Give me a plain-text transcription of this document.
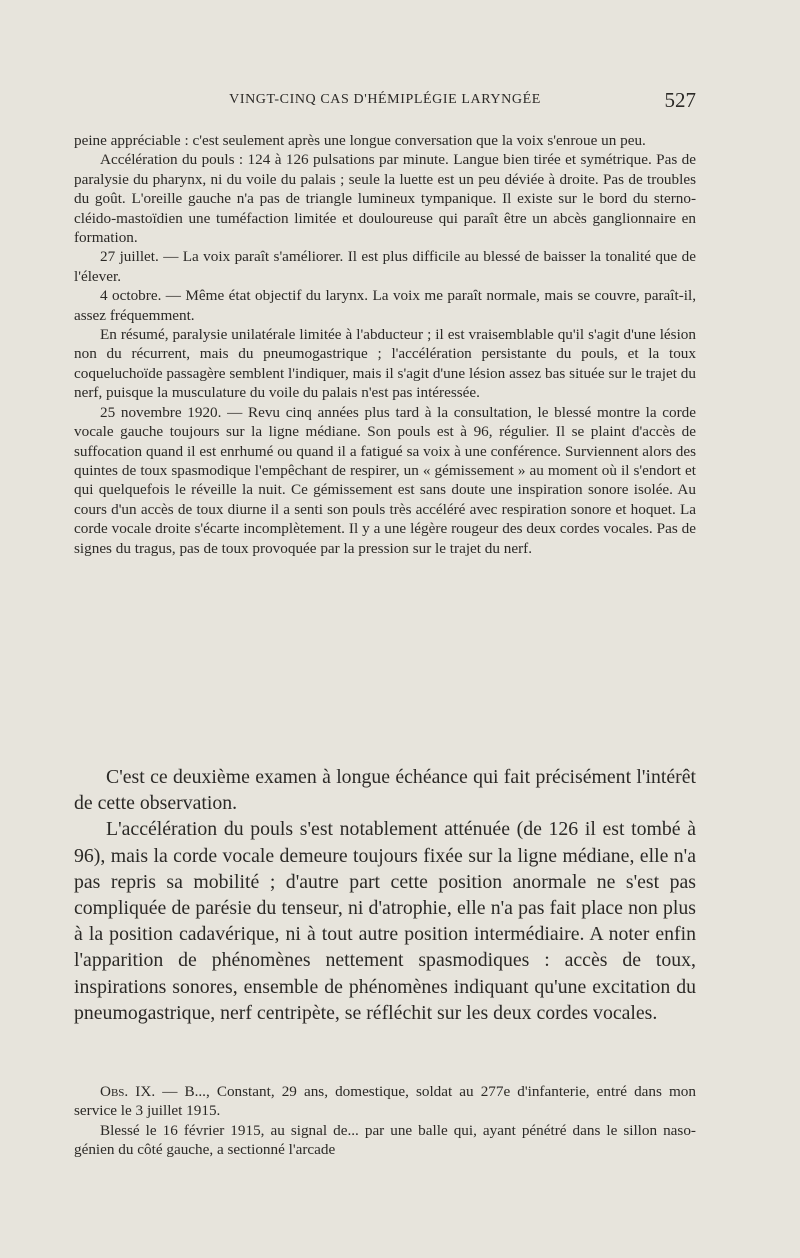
VINGT-CINQ CAS D'HÉMIPLÉGIE LARYNGÉE	527

peine appréciable : c'est seulement après une longue conversation que la voix s'enroue un peu.

Accélération du pouls : 124 à 126 pulsations par minute. Langue bien tirée et symétrique. Pas de paralysie du pharynx, ni du voile du palais ; seule la luette est un peu déviée à droite. Pas de troubles du goût. L'oreille gauche n'a pas de triangle lumineux tympanique. Il existe sur le bord du sterno-cléido-mastoïdien une tuméfaction limitée et douloureuse qui paraît être un abcès ganglionnaire en formation.

27 juillet. — La voix paraît s'améliorer. Il est plus difficile au blessé de baisser la tonalité que de l'élever.

4 octobre. — Même état objectif du larynx. La voix me paraît normale, mais se couvre, paraît-il, assez fréquemment.

En résumé, paralysie unilatérale limitée à l'abducteur ; il est vraisemblable qu'il s'agit d'une lésion non du récurrent, mais du pneumogastrique ; l'accélération persistante du pouls, et la toux coqueluchoïde passagère semblent l'indiquer, mais il s'agit d'une lésion assez bas située sur le trajet du nerf, puisque la musculature du voile du palais n'est pas intéressée.

25 novembre 1920. — Revu cinq années plus tard à la consultation, le blessé montre la corde vocale gauche toujours sur la ligne médiane. Son pouls est à 96, régulier. Il se plaint d'accès de suffocation quand il est enrhumé ou quand il a fatigué sa voix à une conférence. Surviennent alors des quintes de toux spasmodique l'empêchant de respirer, un « gémissement » au moment où il s'endort et qui quelquefois le réveille la nuit. Ce gémissement est sans doute une inspiration sonore isolée. Au cours d'un accès de toux diurne il a senti son pouls très accéléré avec respiration sonore et hoquet. La corde vocale droite s'écarte incomplètement. Il y a une légère rougeur des deux cordes vocales. Pas de signes du tragus, pas de toux provoquée par la pression sur le trajet du nerf.

C'est ce deuxième examen à longue échéance qui fait précisément l'intérêt de cette observation.

L'accélération du pouls s'est notablement atténuée (de 126 il est tombé à 96), mais la corde vocale demeure toujours fixée sur la ligne médiane, elle n'a pas repris sa mobilité ; d'autre part cette position anormale ne s'est pas compliquée de parésie du tenseur, ni d'atrophie, elle n'a pas fait place non plus à la position cadavérique, ni à tout autre position intermédiaire. A noter enfin l'apparition de phénomènes nettement spasmodiques : accès de toux, inspirations sonores, ensemble de phénomènes indiquant qu'une excitation du pneumogastrique, nerf centripète, se réfléchit sur les deux cordes vocales.

Obs. IX. — B..., Constant, 29 ans, domestique, soldat au 277e d'infanterie, entré dans mon service le 3 juillet 1915.

Blessé le 16 février 1915, au signal de... par une balle qui, ayant pénétré dans le sillon naso-génien du côté gauche, a sectionné l'arcade
